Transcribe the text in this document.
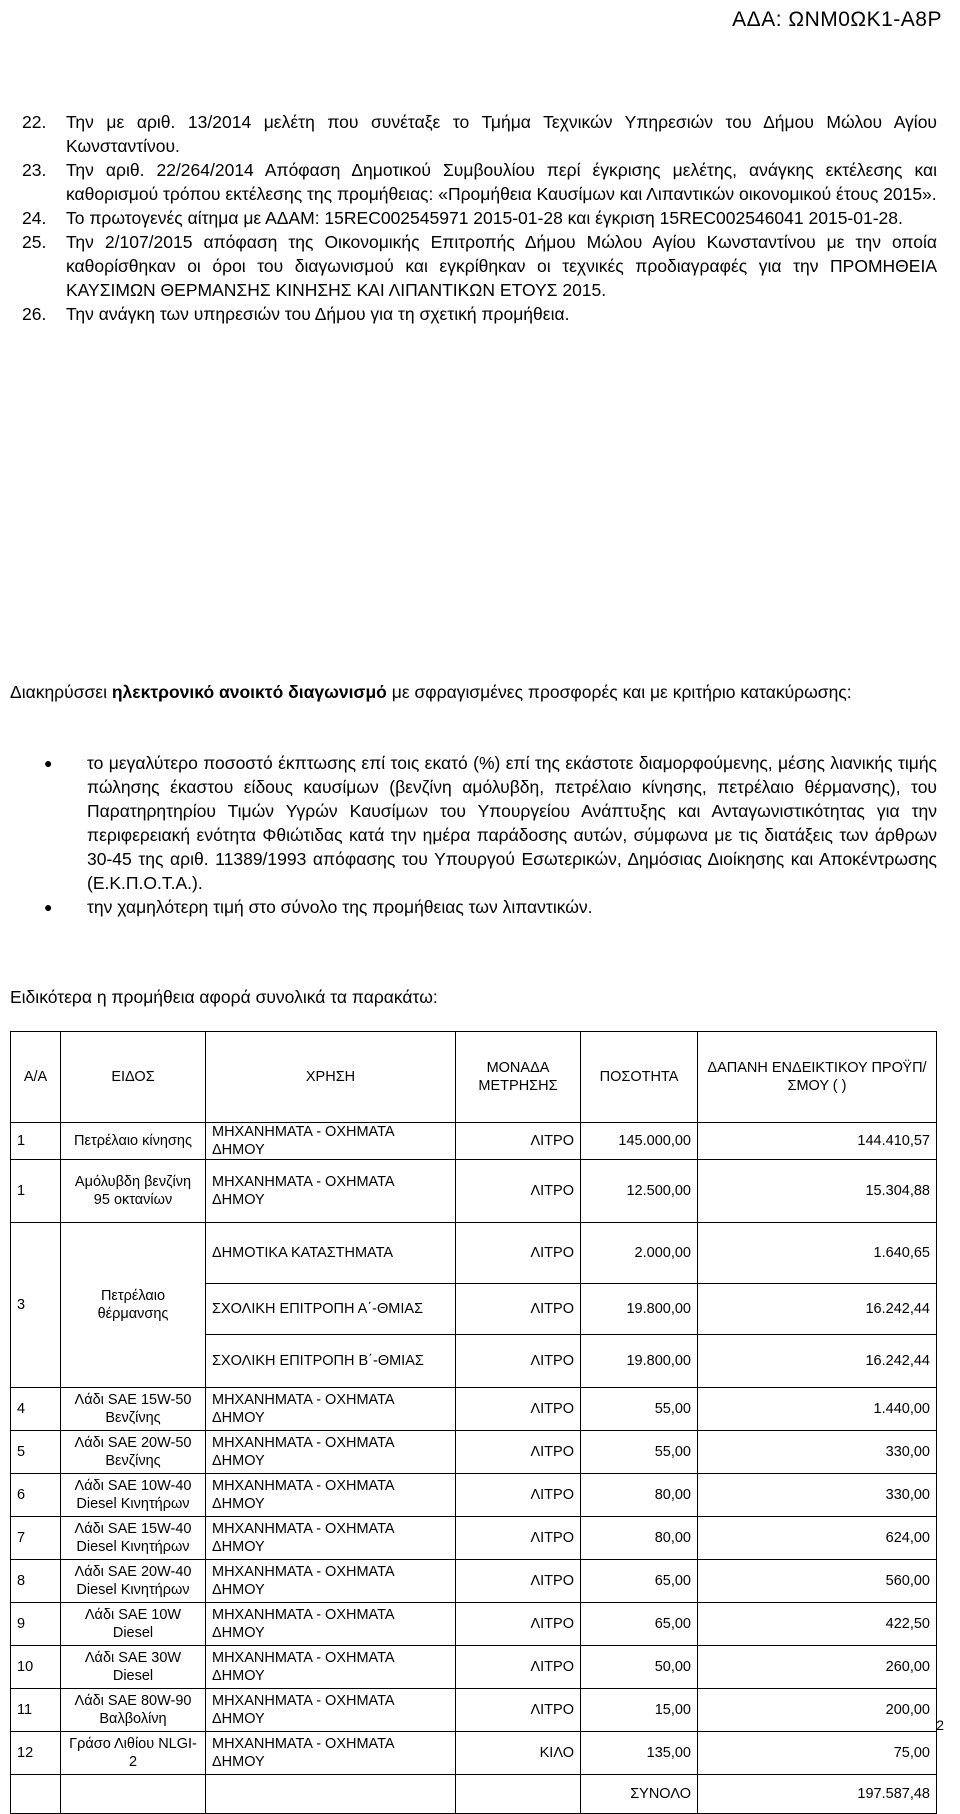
ΑΔΑ: ΩΝΜ0ΩΚ1-Α8Ρ
22.	Την με αριθ. 13/2014 μελέτη που συνέταξε το Τμήμα Τεχνικών Υπηρεσιών του Δήμου Μώλου Αγίου Κωνσταντίνου.
23.	Την αριθ. 22/264/2014 Απόφαση Δημοτικού Συμβουλίου περί έγκρισης μελέτης, ανάγκης εκτέλεσης και καθορισμού τρόπου εκτέλεσης της προμήθειας: «Προμήθεια Καυσίμων και Λιπαντικών οικονομικού έτους 2015».
24.	Το πρωτογενές αίτημα με ΑΔΑΜ: 15REC002545971 2015-01-28 και έγκριση 15REC002546041 2015-01-28.
25.	Την 2/107/2015 απόφαση της Οικονομικής Επιτροπής Δήμου Μώλου Αγίου Κωνσταντίνου με την οποία καθορίσθηκαν οι όροι του διαγωνισμού και εγκρίθηκαν οι τεχνικές προδιαγραφές για την ΠΡΟΜΗΘΕΙΑ ΚΑΥΣΙΜΩΝ ΘΕΡΜΑΝΣΗΣ ΚΙΝΗΣΗΣ ΚΑΙ ΛΙΠΑΝΤΙΚΩΝ ΕΤΟΥΣ 2015.
26.	Την ανάγκη των υπηρεσιών του Δήμου για τη σχετική προμήθεια.
Διακηρύσσει ηλεκτρονικό ανοικτό διαγωνισμό με σφραγισμένες προσφορές και με κριτήριο κατακύρωσης:
●	το μεγαλύτερο ποσοστό έκπτωσης επί τοις εκατό (%) επί της εκάστοτε διαμορφούμενης, μέσης λιανικής τιμής πώλησης έκαστου είδους καυσίμων (βενζίνη αμόλυβδη, πετρέλαιο κίνησης, πετρέλαιο θέρμανσης), του Παρατηρητηρίου Τιμών Υγρών Καυσίμων του Υπουργείου Ανάπτυξης και Ανταγωνιστικότητας για την περιφερειακή ενότητα Φθιώτιδας κατά την ημέρα παράδοσης αυτών, σύμφωνα με τις διατάξεις των άρθρων 30-45 της αριθ. 11389/1993 απόφασης του Υπουργού Εσωτερικών, Δημόσιας Διοίκησης και Αποκέντρωσης (Ε.Κ.Π.Ο.Τ.Α.).
●	την χαμηλότερη τιμή στο σύνολο της προμήθειας των λιπαντικών.
Ειδικότερα η προμήθεια αφορά συνολικά τα παρακάτω:
Α/Α	ΕΙΔΟΣ	ΧΡΗΣΗ	ΜΟΝΑΔΑ ΜΕΤΡΗΣΗΣ	ΠΟΣΟΤΗΤΑ	ΔΑΠΑΝΗ ΕΝΔΕΙΚΤΙΚΟΥ ΠΡΟΫΠ/ΣΜΟΥ ( )
1	Πετρέλαιο κίνησης	ΜΗΧΑΝΗΜΑΤΑ - ΟΧΗΜΑΤΑ ΔΗΜΟΥ	ΛΙΤΡΟ	145.000,00	144.410,57
1	Αμόλυβδη βενζίνη 95 οκτανίων	ΜΗΧΑΝΗΜΑΤΑ - ΟΧΗΜΑΤΑ ΔΗΜΟΥ	ΛΙΤΡΟ	12.500,00	15.304,88
3	Πετρέλαιο θέρμανσης	ΔΗΜΟΤΙΚΑ ΚΑΤΑΣΤΗΜΑΤΑ	ΛΙΤΡΟ	2.000,00	1.640,65
		ΣΧΟΛΙΚΗ ΕΠΙΤΡΟΠΗ Α΄-ΘΜΙΑΣ	ΛΙΤΡΟ	19.800,00	16.242,44
		ΣΧΟΛΙΚΗ ΕΠΙΤΡΟΠΗ Β΄-ΘΜΙΑΣ	ΛΙΤΡΟ	19.800,00	16.242,44
4	Λάδι SAE 15W-50 Βενζίνης	ΜΗΧΑΝΗΜΑΤΑ - ΟΧΗΜΑΤΑ ΔΗΜΟΥ	ΛΙΤΡΟ	55,00	1.440,00
5	Λάδι SAE 20W-50 Βενζίνης	ΜΗΧΑΝΗΜΑΤΑ - ΟΧΗΜΑΤΑ ΔΗΜΟΥ	ΛΙΤΡΟ	55,00	330,00
6	Λάδι SAE 10W-40 Diesel Κινητήρων	ΜΗΧΑΝΗΜΑΤΑ - ΟΧΗΜΑΤΑ ΔΗΜΟΥ	ΛΙΤΡΟ	80,00	330,00
7	Λάδι SAE 15W-40 Diesel Κινητήρων	ΜΗΧΑΝΗΜΑΤΑ - ΟΧΗΜΑΤΑ ΔΗΜΟΥ	ΛΙΤΡΟ	80,00	624,00
8	Λάδι SAE 20W-40 Diesel Κινητήρων	ΜΗΧΑΝΗΜΑΤΑ - ΟΧΗΜΑΤΑ ΔΗΜΟΥ	ΛΙΤΡΟ	65,00	560,00
9	Λάδι SAE 10W Diesel	ΜΗΧΑΝΗΜΑΤΑ - ΟΧΗΜΑΤΑ ΔΗΜΟΥ	ΛΙΤΡΟ	65,00	422,50
10	Λάδι SAE 30W Diesel	ΜΗΧΑΝΗΜΑΤΑ - ΟΧΗΜΑΤΑ ΔΗΜΟΥ	ΛΙΤΡΟ	50,00	260,00
11	Λάδι SAE 80W-90 Βαλβολίνη	ΜΗΧΑΝΗΜΑΤΑ - ΟΧΗΜΑΤΑ ΔΗΜΟΥ	ΛΙΤΡΟ	15,00	200,00
12	Γράσο Λιθίου NLGI-2	ΜΗΧΑΝΗΜΑΤΑ - ΟΧΗΜΑΤΑ ΔΗΜΟΥ	ΚΙΛΟ	135,00	75,00
				ΣΥΝΟΛΟ	197.587,48
2
